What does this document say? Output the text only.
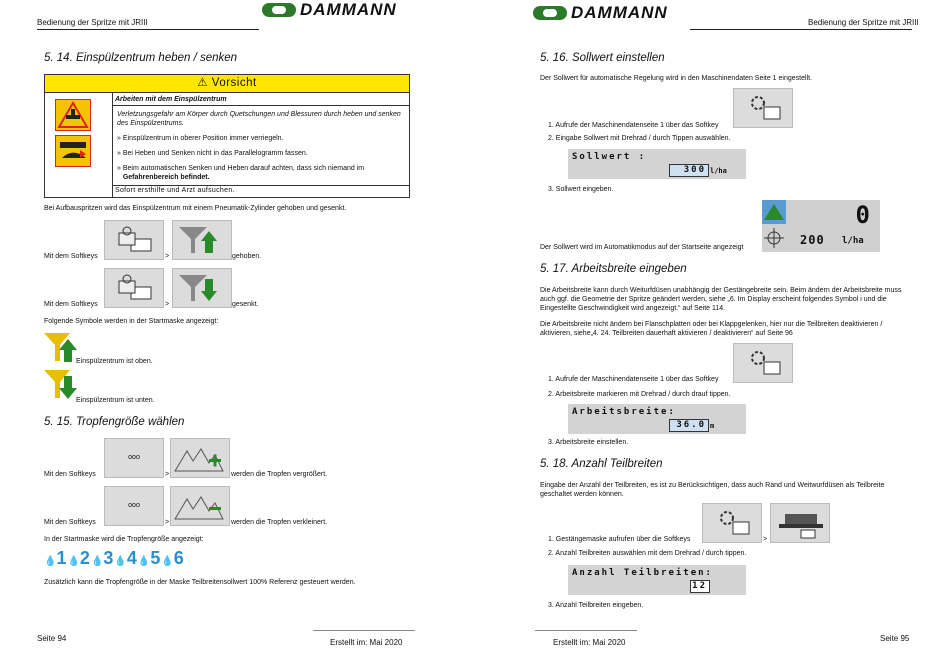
Bedienung der Spritze mit JRIII
DAMMANN
5. 14. Einspülzentrum heben / senken
⚠ Vorsicht
Arbeiten mit dem Einspülzentrum
Verletzungsgefahr am Körper durch Quetschungen und Blessuren durch heben und senken des Einspülzentrums.
» Einspülzentrum in oberer Position immer verriegeln.
» Bei Heben und Senken nicht in das Parallelogramm fassen.
» Beim automatischen Senken und Heben darauf achten, dass sich niemand im
Gefahrenbereich befindet.
Sofort ersthilfe und Arzt aufsuchen.
Bei Aufbauspritzen wird das Einspülzentrum mit einem Pneumatik-Zylinder gehoben und gesenkt.
Mit dem Softkeys	>	gehoben.
Mit dem Softkeys	>	gesenkt.
Folgende Symbole werden in der Startmaske angezeigt:
Einspülzentrum ist oben.
Einspülzentrum ist unten.
5. 15. Tropfengröße wählen
Mit den Softkeys
ooo
>	werden die Tropfen vergrößert.
Mit den Softkeys
ooo
>	werden die Tropfen verkleinert.
In der Startmaske wird die Tropfengröße angezeigt:
💧 1 💧 2 💧 3 💧 4 💧 5 💧 6
Zusätzlich kann die Tropfengröße in der Maske Teilbreitensollwert 100% Referenz gesteuert werden.
Seite 94	Erstellt im: Mai 2020
DAMMANN
Bedienung der Spritze mit JRIII
5. 16. Sollwert einstellen
Der Sollwert für automatische Regelung wird in den Maschinendaten Seite 1 eingestellt.
1. Aufrufe der Maschinendatenseite 1 über das Softkey
2. Eingabe Sollwert mit Drehrad / durch Tippen auswählen.
Sollwert :
300 l/ha
3. Sollwert eingeben.
Der Sollwert wird im Automatikmodus auf der Startseite angezeigt
0
200 l/ha
5. 17. Arbeitsbreite eingeben
Die Arbeitsbreite kann durch Weiturfdüsen unabhängig der Gestängebreite sein. Beim ändern der Arbeitsbreite muss auch ggf. die Geometrie der Spritze geändert werden, siehe „6. Im Display erscheint folgendes Symbol i und die Eingestellte Geschwindigkeit wird angezeigt.“ auf Seite 114.
Die Arbeitsbreite nicht ändern bei Flanschplatten oder bei Klappgelenken, hier nur die Teilbreiten deaktivieren / aktivieren, siehe„4. 24. Teilbreiten dauerhaft aktivieren / deaktivieren“ auf Seite 96
1. Aufrufe der Maschinendatenseite 1 über das Softkey
2. Arbeitsbreite markieren mit Drehrad / durch drauf tippen.
Arbeitsbreite:
36.0 m
3. Arbeitsbreite einstellen.
5. 18. Anzahl Teilbreiten
Eingabe der Anzahl der Teilbreiten, es ist zu Berücksichtigen, dass auch Rand und Weitwurfdüsen als Teilbreite geschaltet werden können.
>
1. Gestängemaske aufrufen über die Softkeys
2. Anzahl Teilbreiten auswählen mit dem Drehrad / durch tippen.
Anzahl Teilbreiten:
12
3. Anzahl Teilbreiten eingeben.
Erstellt im: Mai 2020	Seite 95
